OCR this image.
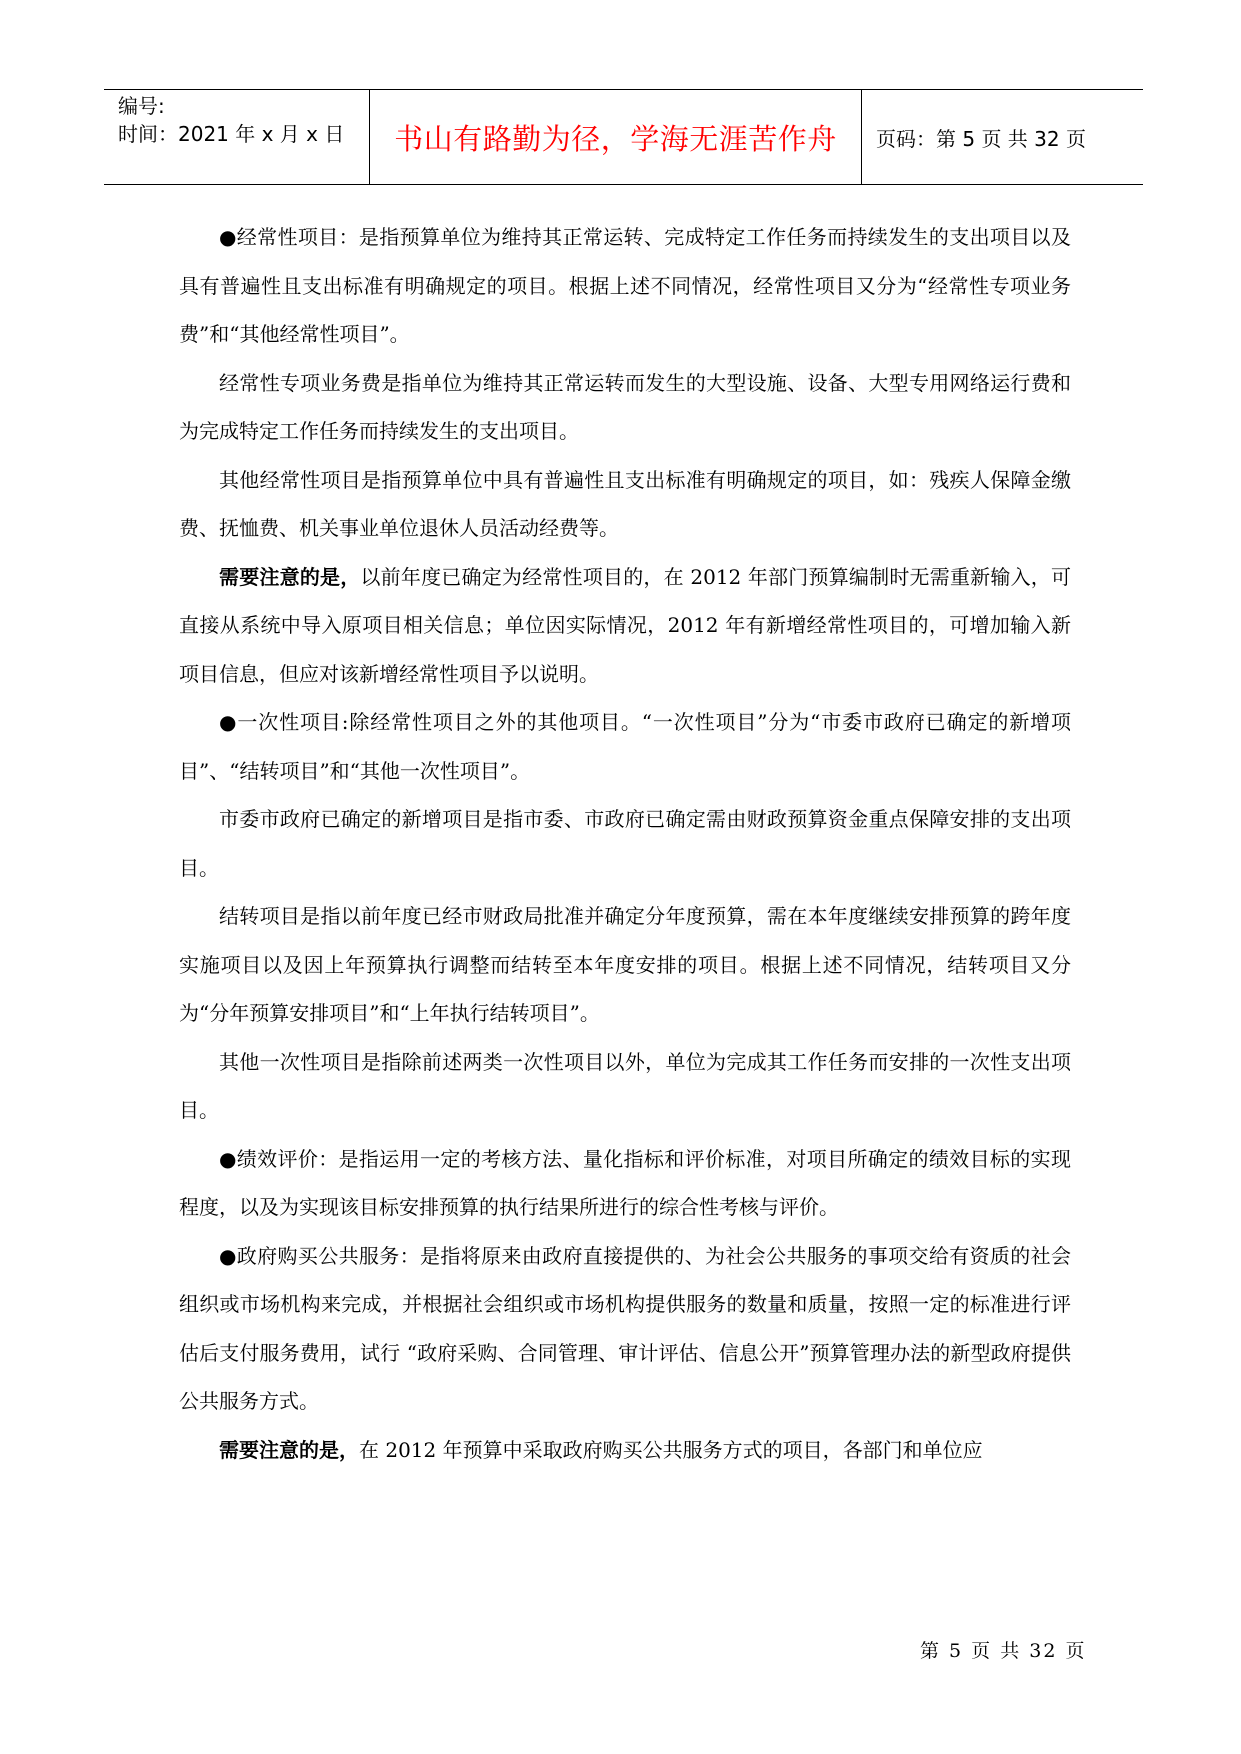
编号:
时间：2021 年 x 月 x 日	书山有路勤为径，学海无涯苦作舟	页码：第 5 页 共 32 页

●经常性项目：是指预算单位为维持其正常运转、完成特定工作任务而持续发生的支出项目以及具有普遍性且支出标准有明确规定的项目。根据上述不同情况，经常性项目又分为“经常性专项业务费”和“其他经常性项目”。

经常性专项业务费是指单位为维持其正常运转而发生的大型设施、设备、大型专用网络运行费和为完成特定工作任务而持续发生的支出项目。

其他经常性项目是指预算单位中具有普遍性且支出标准有明确规定的项目，如：残疾人保障金缴费、抚恤费、机关事业单位退休人员活动经费等。

需要注意的是，以前年度已确定为经常性项目的，在 2012 年部门预算编制时无需重新输入，可直接从系统中导入原项目相关信息；单位因实际情况，2012 年有新增经常性项目的，可增加输入新项目信息，但应对该新增经常性项目予以说明。

●一次性项目:除经常性项目之外的其他项目。“一次性项目”分为“市委市政府已确定的新增项目”、“结转项目”和“其他一次性项目”。

市委市政府已确定的新增项目是指市委、市政府已确定需由财政预算资金重点保障安排的支出项目。

结转项目是指以前年度已经市财政局批准并确定分年度预算，需在本年度继续安排预算的跨年度实施项目以及因上年预算执行调整而结转至本年度安排的项目。根据上述不同情况，结转项目又分为“分年预算安排项目”和“上年执行结转项目”。

其他一次性项目是指除前述两类一次性项目以外，单位为完成其工作任务而安排的一次性支出项目。

●绩效评价：是指运用一定的考核方法、量化指标和评价标准，对项目所确定的绩效目标的实现程度，以及为实现该目标安排预算的执行结果所进行的综合性考核与评价。

●政府购买公共服务：是指将原来由政府直接提供的、为社会公共服务的事项交给有资质的社会组织或市场机构来完成，并根据社会组织或市场机构提供服务的数量和质量，按照一定的标准进行评估后支付服务费用，试行 “政府采购、合同管理、审计评估、信息公开”预算管理办法的新型政府提供公共服务方式。

需要注意的是，在 2012 年预算中采取政府购买公共服务方式的项目，各部门和单位应

第 5 页 共 32 页
